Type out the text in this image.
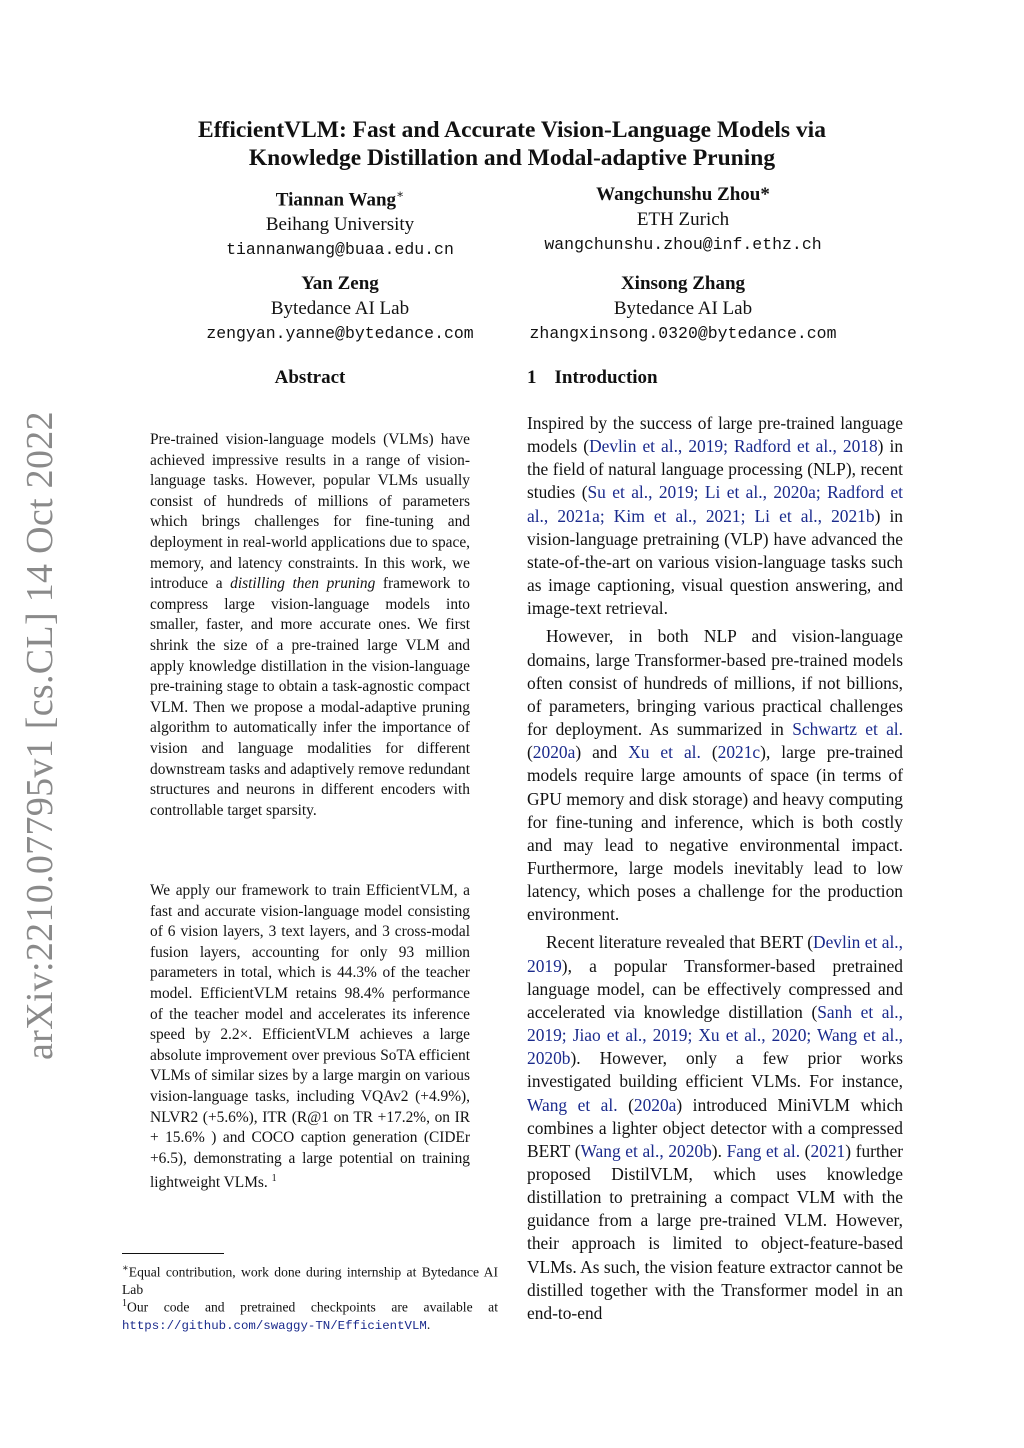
EfficientVLM: Fast and Accurate Vision-Language Models via
Knowledge Distillation and Modal-adaptive Pruning
Tiannan Wang∗
Beihang University
tiannanwang@buaa.edu.cn
Wangchunshu Zhou*
ETH Zurich
wangchunshu.zhou@inf.ethz.ch
Yan Zeng
Bytedance AI Lab
zengyan.yanne@bytedance.com
Xinsong Zhang
Bytedance AI Lab
zhangxinsong.0320@bytedance.com
arXiv:2210.07795v1 [cs.CL] 14 Oct 2022
Abstract	1 Introduction

Pre-trained vision-language models (VLMs) have achieved impressive results in a range of vision-language tasks. However, popular VLMs usually consist of hundreds of millions of parameters which brings challenges for fine-tuning and deployment in real-world applications due to space, memory, and latency constraints. In this work, we introduce a distilling then pruning framework to compress large vision-language models into smaller, faster, and more accurate ones. We first shrink the size of a pre-trained large VLM and apply knowledge distillation in the vision-language pre-training stage to obtain a task-agnostic compact VLM. Then we propose a modal-adaptive pruning algorithm to automatically infer the importance of vision and language modalities for different downstream tasks and adaptively remove redundant structures and neurons in different encoders with controllable target sparsity.

We apply our framework to train EfficientVLM, a fast and accurate vision-language model consisting of 6 vision layers, 3 text layers, and 3 cross-modal fusion layers, accounting for only 93 million parameters in total, which is 44.3% of the teacher model. EfficientVLM retains 98.4% performance of the teacher model and accelerates its inference speed by 2.2×. EfficientVLM achieves a large absolute improvement over previous SoTA efficient VLMs of similar sizes by a large margin on various vision-language tasks, including VQAv2 (+4.9%), NLVR2 (+5.6%), ITR (R@1 on TR +17.2%, on IR + 15.6% ) and COCO caption generation (CIDEr +6.5), demonstrating a large potential on training lightweight VLMs. $^1$

∗Equal contribution, work done during internship at Bytedance AI Lab

$^1$Our code and pretrained checkpoints are available at https://github.com/swaggy-TN/EfficientVLM.

Inspired by the success of large pre-trained language models (Devlin et al., 2019; Radford et al., 2018) in the field of natural language processing (NLP), recent studies (Su et al., 2019; Li et al., 2020a; Radford et al., 2021a; Kim et al., 2021; Li et al., 2021b) in vision-language pretraining (VLP) have advanced the state-of-the-art on various vision-language tasks such as image captioning, visual question answering, and image-text retrieval.

However, in both NLP and vision-language domains, large Transformer-based pre-trained models often consist of hundreds of millions, if not billions, of parameters, bringing various practical challenges for deployment. As summarized in Schwartz et al. (2020a) and Xu et al. (2021c), large pre-trained models require large amounts of space (in terms of GPU memory and disk storage) and heavy computing for fine-tuning and inference, which is both costly and may lead to negative environmental impact. Furthermore, large models inevitably lead to low latency, which poses a challenge for the production environment.

Recent literature revealed that BERT (Devlin et al., 2019), a popular Transformer-based pretrained language model, can be effectively compressed and accelerated via knowledge distillation (Sanh et al., 2019; Jiao et al., 2019; Xu et al., 2020; Wang et al., 2020b). However, only a few prior works investigated building efficient VLMs. For instance, Wang et al. (2020a) introduced MiniVLM which combines a lighter object detector with a compressed BERT (Wang et al., 2020b). Fang et al. (2021) further proposed DistilVLM, which uses knowledge distillation to pretraining a compact VLM with the guidance from a large pre-trained VLM. However, their approach is limited to object-feature-based VLMs. As such, the vision feature extractor cannot be distilled together with the Transformer model in an end-to-end
